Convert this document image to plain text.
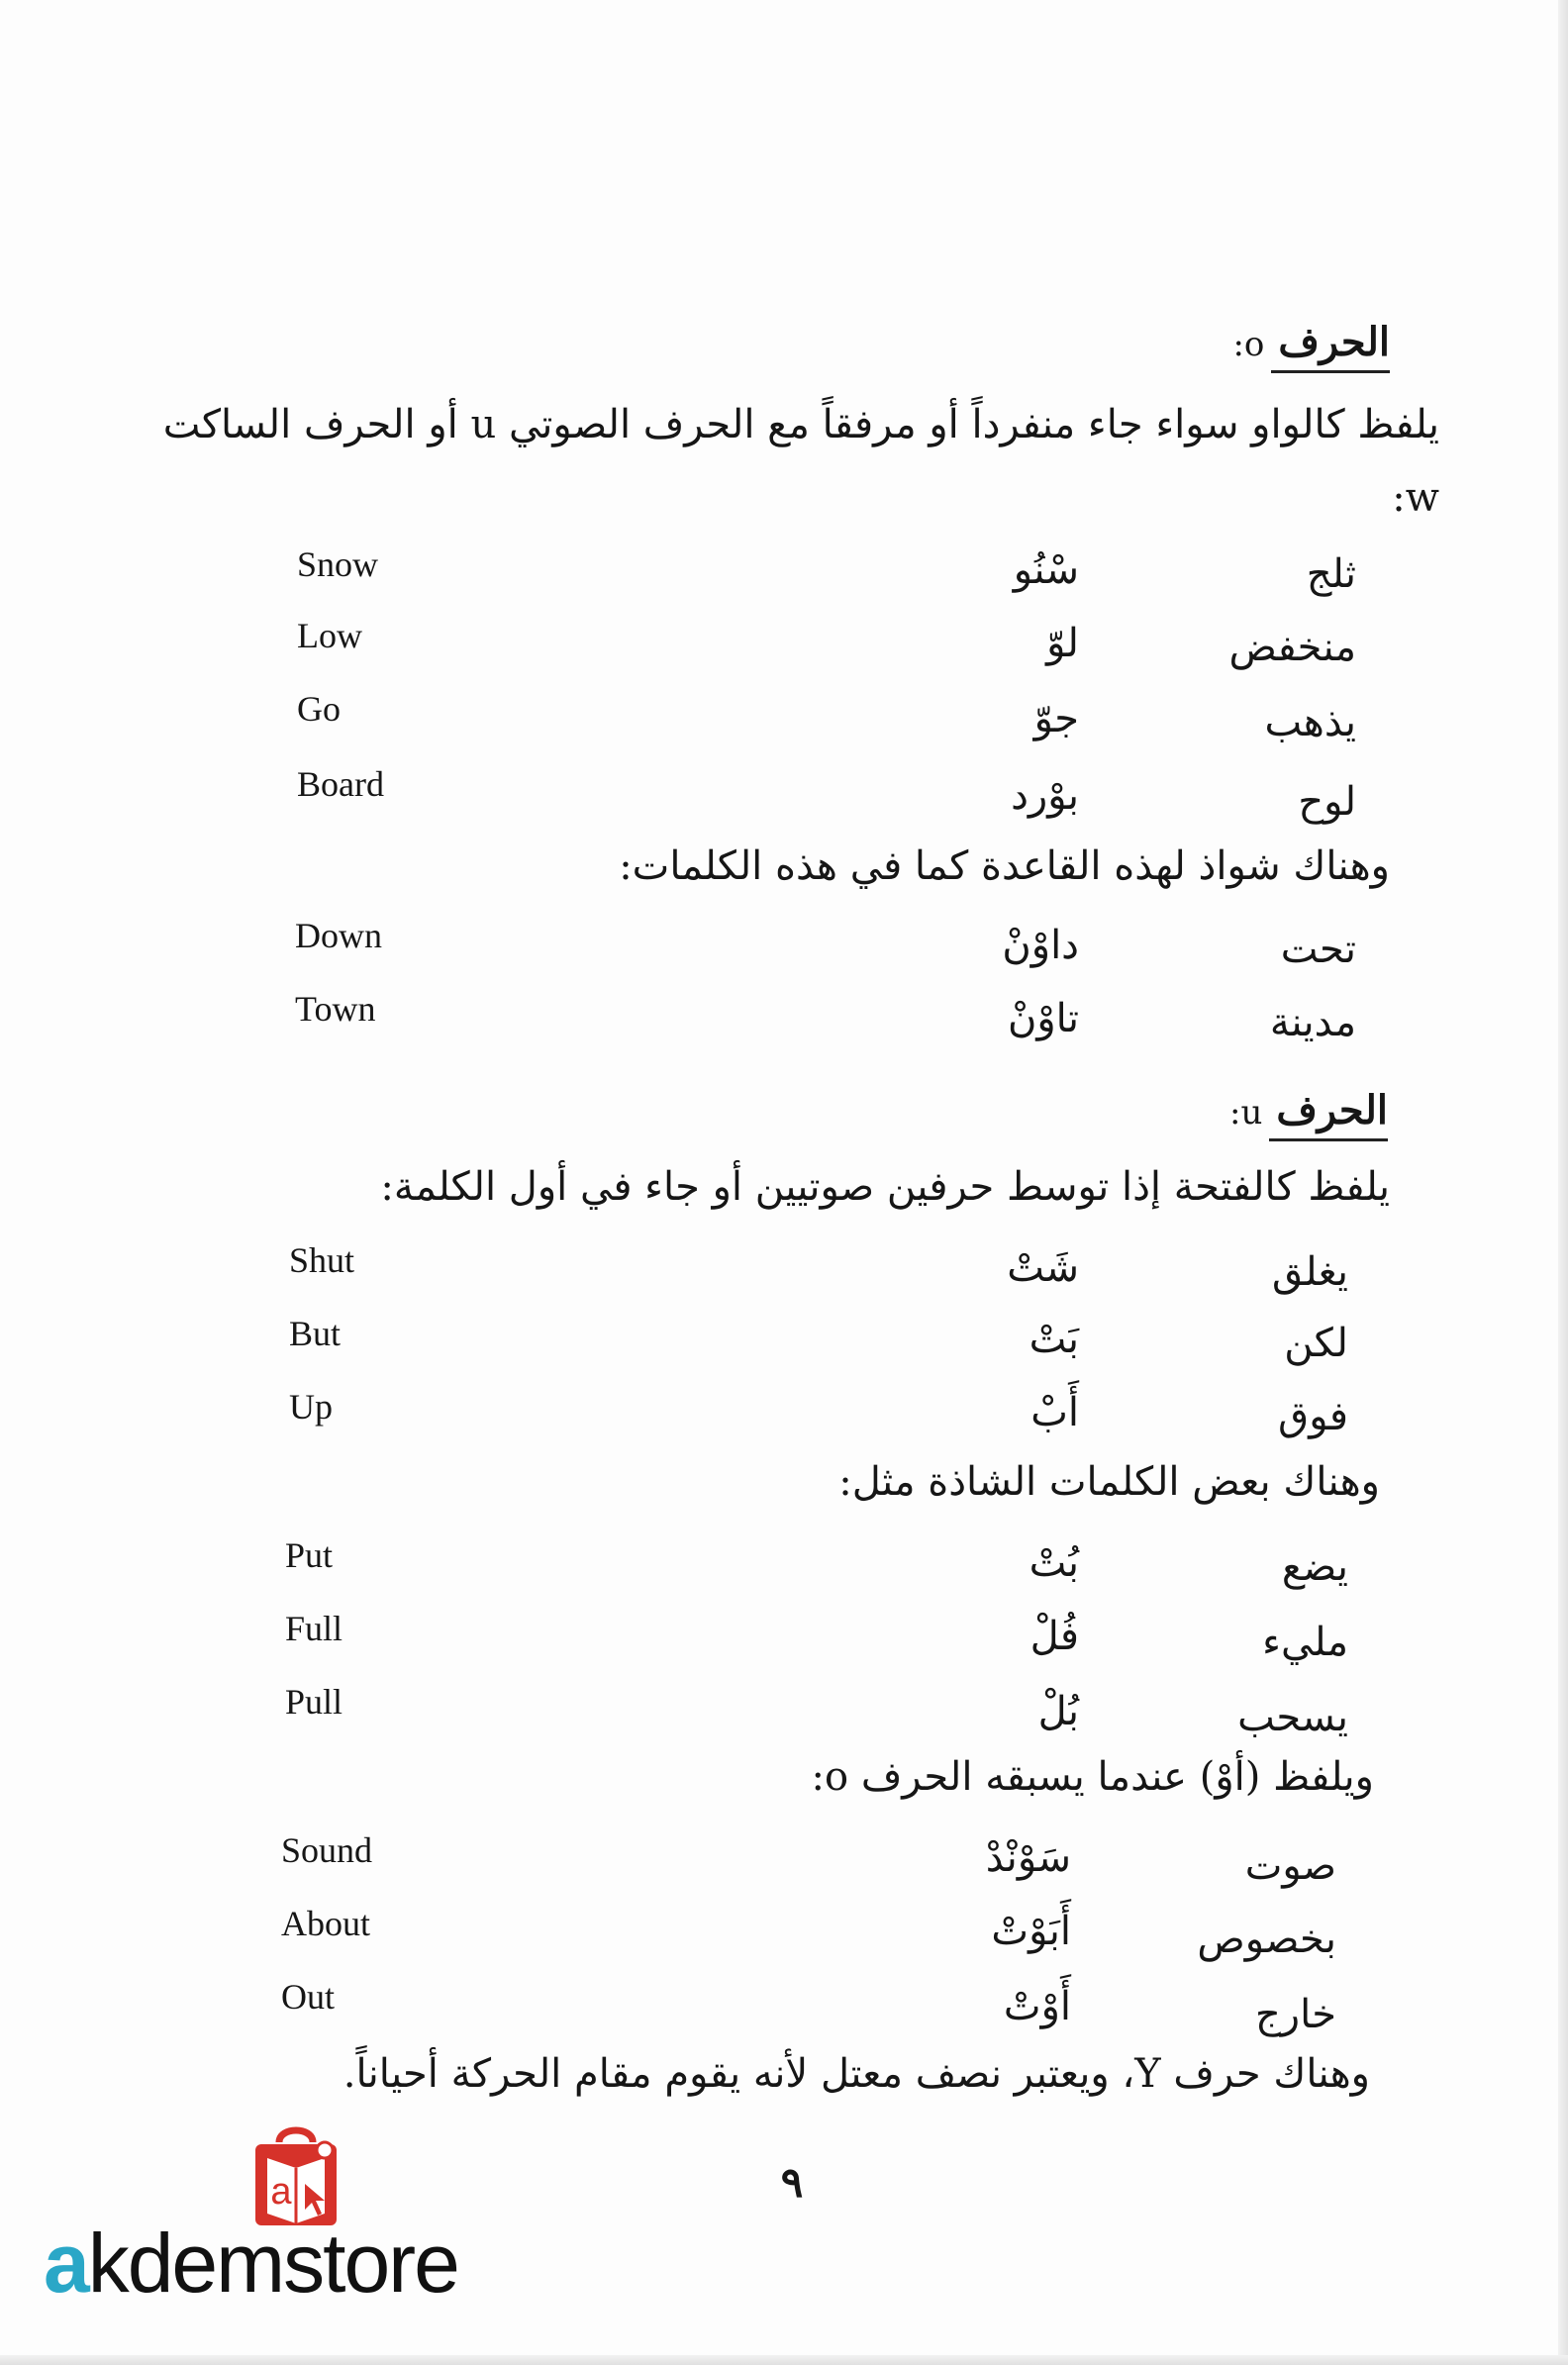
الحرف o:
يلفظ كالواو سواء جاء منفرداً أو مرفقاً مع الحرف الصوتي u أو الحرف الساكت w:
Snow	سْنُو	ثلج
Low	لوّ	منخفض
Go	جوّ	يذهب
Board	بوْرد	لوح
وهناك شواذ لهذه القاعدة كما في هذه الكلمات:
Down	داوْنْ	تحت
Town	تاوْنْ	مدينة
الحرف u:
يلفظ كالفتحة إذا توسط حرفين صوتيين أو جاء في أول الكلمة:
Shut	شَتْ	يغلق
But	بَتْ	لكن
Up	أَبْ	فوق
وهناك بعض الكلمات الشاذة مثل:
Put	بُتْ	يضع
Full	فُلْ	مليء
Pull	بُلْ	يسحب
ويلفظ (أوْ) عندما يسبقه الحرف o:
Sound	سَوْنْدْ	صوت
About	أَبَوْتْ	بخصوص
Out	أَوْتْ	خارج
وهناك حرف Y، ويعتبر نصف معتل لأنه يقوم مقام الحركة أحياناً.
٩
a
akdemstore
